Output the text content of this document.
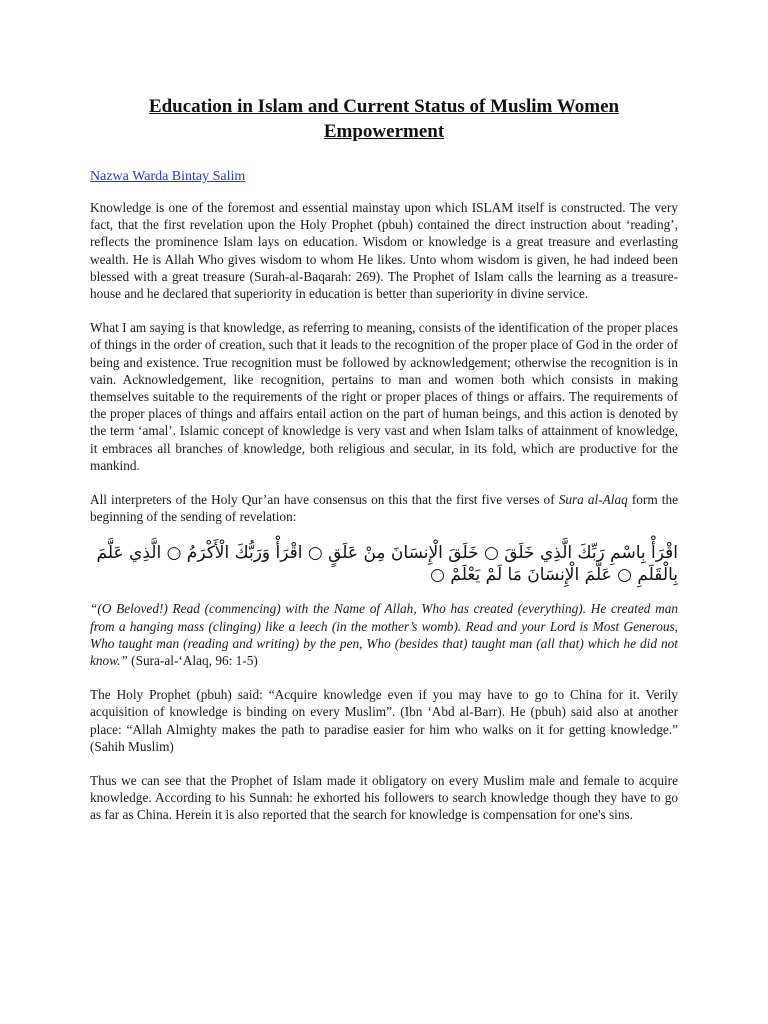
Education in Islam and Current Status of Muslim Women Empowerment
Nazwa Warda Bintay Salim

Knowledge is one of the foremost and essential mainstay upon which ISLAM itself is constructed. The very fact, that the first revelation upon the Holy Prophet (pbuh) contained the direct instruction about ‘reading’, reflects the prominence Islam lays on education. Wisdom or knowledge is a great treasure and everlasting wealth. He is Allah Who gives wisdom to whom He likes. Unto whom wisdom is given, he had indeed been blessed with a great treasure (Surah-al-Baqarah: 269). The Prophet of Islam calls the learning as a treasure-house and he declared that superiority in education is better than superiority in divine service.

What I am saying is that knowledge, as referring to meaning, consists of the identification of the proper places of things in the order of creation, such that it leads to the recognition of the proper place of God in the order of being and existence. True recognition must be followed by acknowledgement; otherwise the recognition is in vain. Acknowledgement, like recognition, pertains to man and women both which consists in making themselves suitable to the requirements of the right or proper places of things or affairs. The requirements of the proper places of things and affairs entail action on the part of human beings, and this action is denoted by the term ‘amal’. Islamic concept of knowledge is very vast and when Islam talks of attainment of knowledge, it embraces all branches of knowledge, both religious and secular, in its fold, which are productive for the mankind.

All interpreters of the Holy Qur’an have consensus on this that the first five verses of Sura al-Alaq form the beginning of the sending of revelation:

اقْرَأْ بِاسْمِ رَبِّكَ الَّذِي خَلَقَ ○ خَلَقَ الْإِنسَانَ مِنْ عَلَقٍ ○ اقْرَأْ وَرَبُّكَ الْأَكْرَمُ ○ الَّذِي عَلَّمَ بِالْقَلَمِ ○ عَلَّمَ الْإِنسَانَ مَا لَمْ يَعْلَمْ ○

“(O Beloved!) Read (commencing) with the Name of Allah, Who has created (everything). He created man from a hanging mass (clinging) like a leech (in the mother’s womb). Read and your Lord is Most Generous, Who taught man (reading and writing) by the pen, Who (besides that) taught man (all that) which he did not know.” (Sura-al-‘Alaq, 96: 1-5)

The Holy Prophet (pbuh) said: “Acquire knowledge even if you may have to go to China for it. Verily acquisition of knowledge is binding on every Muslim”. (Ibn ‘Abd al-Barr). He (pbuh) said also at another place: “Allah Almighty makes the path to paradise easier for him who walks on it for getting knowledge.” (Sahih Muslim)

Thus we can see that the Prophet of Islam made it obligatory on every Muslim male and female to acquire knowledge. According to his Sunnah: he exhorted his followers to search knowledge though they have to go as far as China. Herein it is also reported that the search for knowledge is compensation for one's sins.
